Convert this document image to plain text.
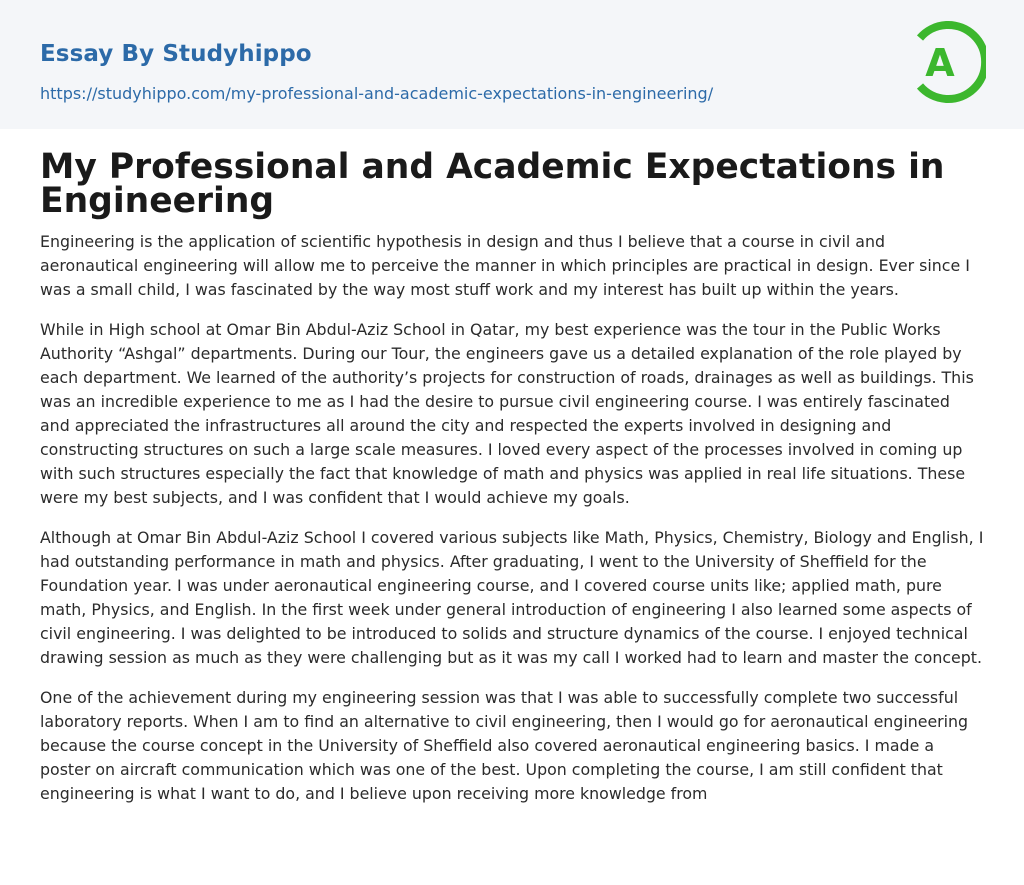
Essay By Studyhippo
https://studyhippo.com/my-professional-and-academic-expectations-in-engineering/
A
My Professional and Academic Expectations in Engineering

Engineering is the application of scientific hypothesis in design and thus I believe that a course in civil and aeronautical engineering will allow me to perceive the manner in which principles are practical in design. Ever since I was a small child, I was fascinated by the way most stuff work and my interest has built up within the years.

While in High school at Omar Bin Abdul-Aziz School in Qatar, my best experience was the tour in the Public Works Authority “Ashgal” departments. During our Tour, the engineers gave us a detailed explanation of the role played by each department. We learned of the authority’s projects for construction of roads, drainages as well as buildings. This was an incredible experience to me as I had the desire to pursue civil engineering course. I was entirely fascinated and appreciated the infrastructures all around the city and respected the experts involved in designing and constructing structures on such a large scale measures. I loved every aspect of the processes involved in coming up with such structures especially the fact that knowledge of math and physics was applied in real life situations. These were my best subjects, and I was confident that I would achieve my goals.

Although at Omar Bin Abdul-Aziz School I covered various subjects like Math, Physics, Chemistry, Biology and English, I had outstanding performance in math and physics. After graduating, I went to the University of Sheffield for the Foundation year. I was under aeronautical engineering course, and I covered course units like; applied math, pure math, Physics, and English. In the first week under general introduction of engineering I also learned some aspects of civil engineering. I was delighted to be introduced to solids and structure dynamics of the course. I enjoyed technical drawing session as much as they were challenging but as it was my call I worked had to learn and master the concept.

One of the achievement during my engineering session was that I was able to successfully complete two successful laboratory reports. When I am to find an alternative to civil engineering, then I would go for aeronautical engineering because the course concept in the University of Sheffield also covered aeronautical engineering basics. I made a poster on aircraft communication which was one of the best. Upon completing the course, I am still confident that engineering is what I want to do, and I believe upon receiving more knowledge from
